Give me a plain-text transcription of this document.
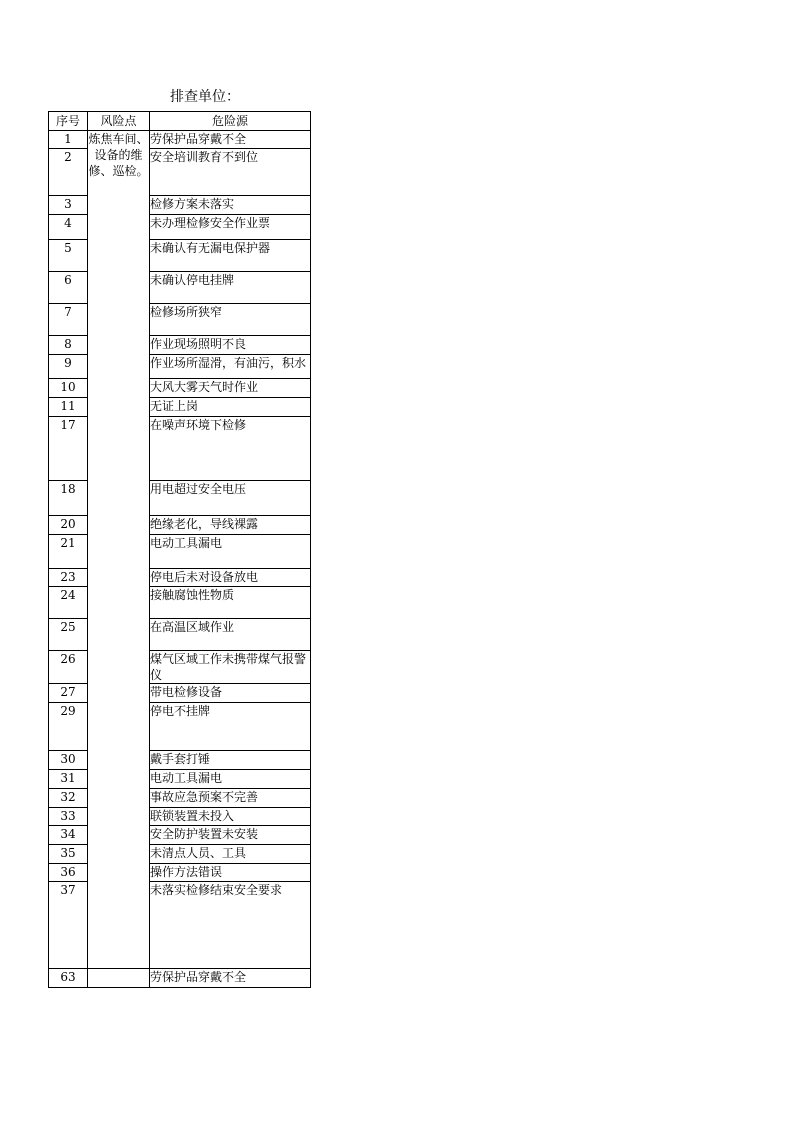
排查单位：
序号	风险点	危险源
1	炼焦车间、设备的维修、巡检。	劳保护品穿戴不全
2		安全培训教育不到位
3		检修方案未落实
4		未办理检修安全作业票
5		未确认有无漏电保护器
6		未确认停电挂牌
7		检修场所狭窄
8		作业现场照明不良
9		作业场所湿滑，有油污，积水
10		大风大雾天气时作业
11		无证上岗
17		在噪声环境下检修
18		用电超过安全电压
20		绝缘老化，导线裸露
21		电动工具漏电
23		停电后未对设备放电
24		接触腐蚀性物质
25		在高温区域作业
26		煤气区域工作未携带煤气报警仪
27		带电检修设备
29		停电不挂牌
30		戴手套打锤
31		电动工具漏电
32		事故应急预案不完善
33		联锁装置未投入
34		安全防护装置未安装
35		未清点人员、工具
36		操作方法错误
37		未落实检修结束安全要求
63		劳保护品穿戴不全
